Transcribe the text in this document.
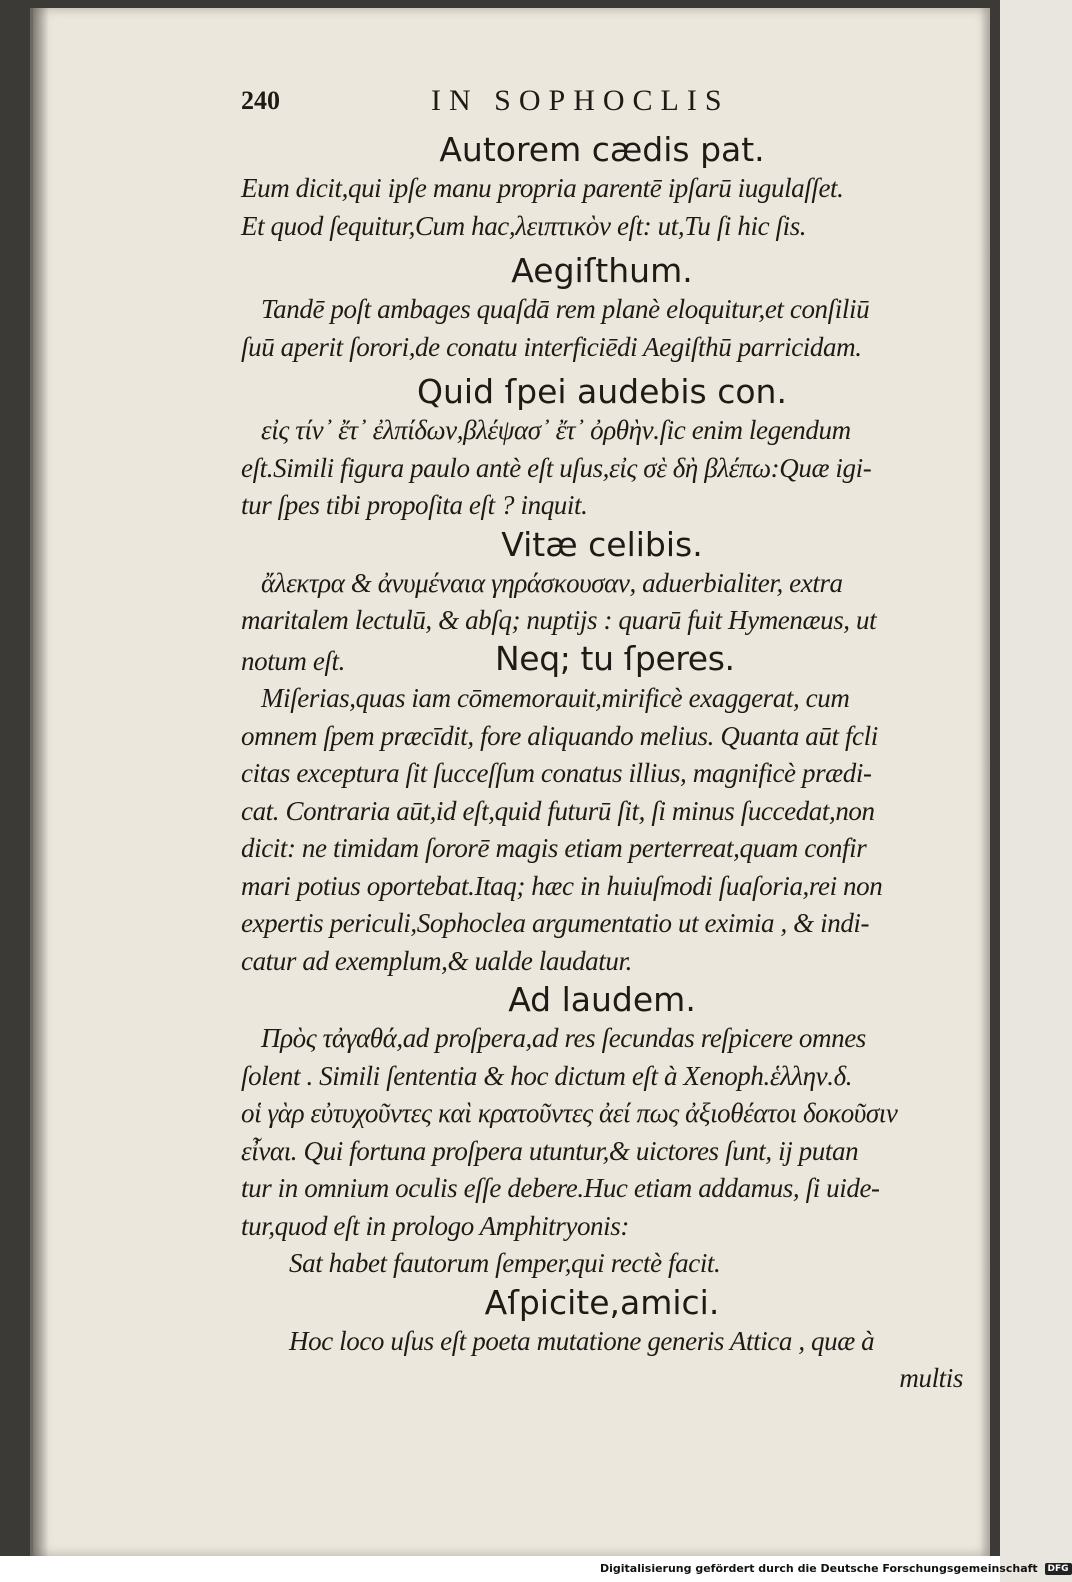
240	IN SOPHOCLIS
Autorem cædis pat.

Eum dicit,qui ipſe manu propria parentē ipſarū iugulaſſet.
Et quod ſequitur,Cum hac,λειπτικὸν eſt: ut,Tu ſi hic ſis.

Aegiſthum.

Tandē poſt ambages quaſdā rem planè eloquitur,et conſiliū
ſuū aperit ſorori,de conatu interficiēdi Aegiſthū parricidam.

Quid ſpei audebis con.

εἰς τίν᾽ ἔτ᾽ ἐλπίδων,βλέψασ᾽ ἔτ᾽ ὀρθὴν.ſic enim legendum
eſt.Simili figura paulo antè eſt uſus,εἰς σὲ δὴ βλέπω:Quæ igi-
tur ſpes tibi propoſita eſt ? inquit.

Vitæ celibis.

ἄλεκτρα & ἀνυμέναια γηράσκουσαν, aduerbialiter, extra
maritalem lectulū, & abſq; nuptijs : quarū fuit Hymenæus, ut
notum eſt.	Neq; tu ſperes.

Miſerias,quas iam cōmemorauit,mirificè exaggerat, cum
omnem ſpem præcīdit, fore aliquando melius. Quanta aūt fcli
citas exceptura ſit ſucceſſum conatus illius, magnificè prædi-
cat. Contraria aūt,id eſt,quid futurū ſit, ſi minus ſuccedat,non
dicit: ne timidam ſororē magis etiam perterreat,quam confir
mari potius oportebat.Itaq; hæc in huiuſmodi ſuaſoria,rei non
expertis periculi,Sophoclea argumentatio ut eximia , & indi-
catur ad exemplum,& ualde laudatur.

Ad laudem.

Πρὸς τἀγαθά,ad proſpera,ad res ſecundas reſpicere omnes
ſolent . Simili ſententia & hoc dictum eſt à Xenoph.ἑλλην.δ.
οἱ γὰρ εὐτυχοῦντες καὶ κρατοῦντες ἀεί πως ἀξιοθέατοι δοκοῦσιν
εἶναι. Qui fortuna proſpera utuntur,& uictores ſunt, ij putan
tur in omnium oculis eſſe debere.Huc etiam addamus, ſi uide-
tur,quod eſt in prologo Amphitryonis:
Sat habet fautorum ſemper,qui rectè facit.

Aſpicite,amici.

Hoc loco uſus eſt poeta mutatione generis Attica , quæ à
multis

Digitalisierung gefördert durch die Deutsche Forschungsgemeinschaft DFG
